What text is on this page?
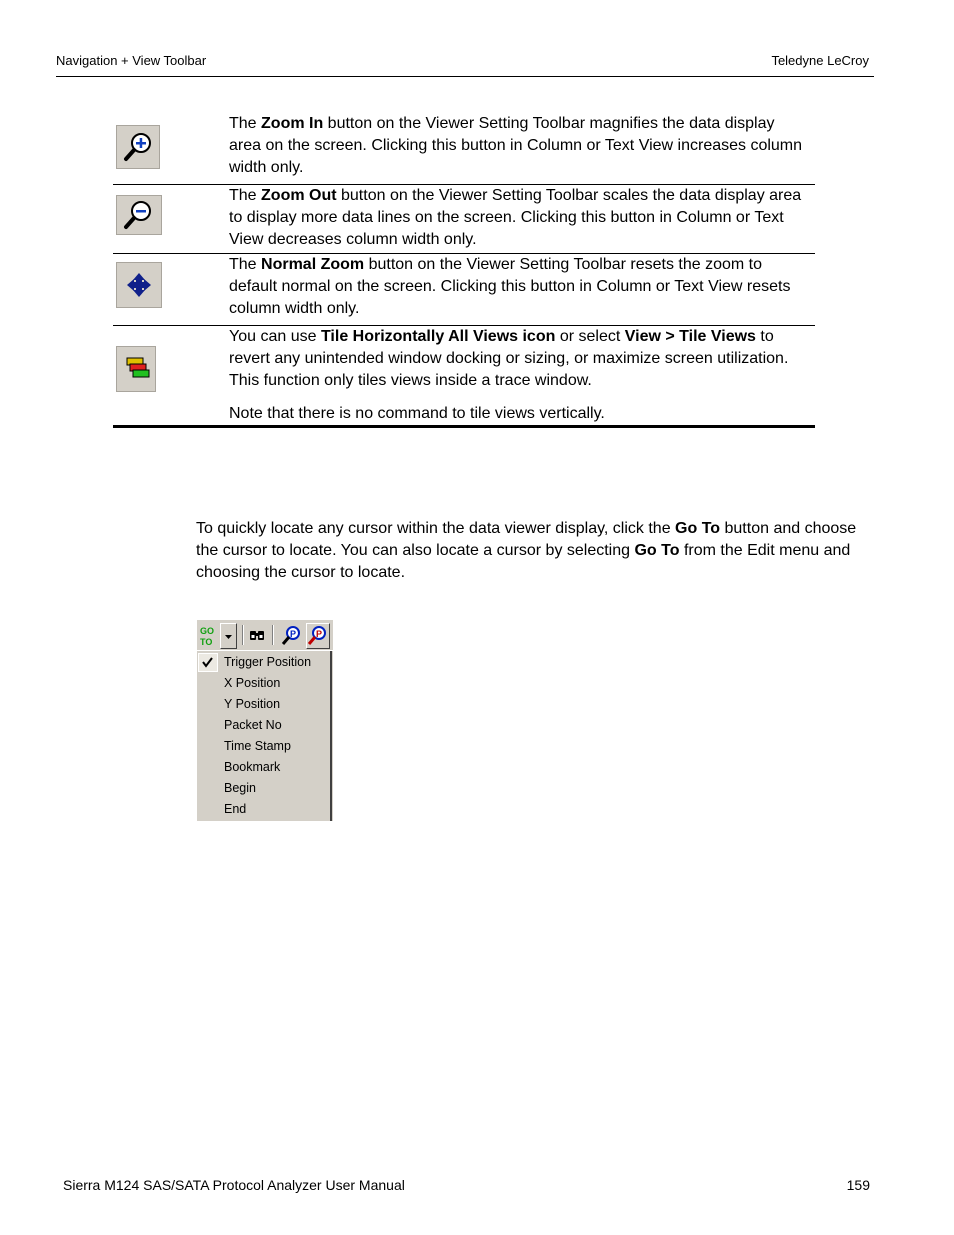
Navigation + View Toolbar	Teledyne LeCroy

The Zoom In button on the Viewer Setting Toolbar magnifies the data display area on the screen. Clicking this button in Column or Text View increases column width only.

The Zoom Out button on the Viewer Setting Toolbar scales the data display area to display more data lines on the screen. Clicking this button in Column or Text View decreases column width only.

The Normal Zoom button on the Viewer Setting Toolbar resets the zoom to default normal on the screen. Clicking this button in Column or Text View resets column width only.

You can use Tile Horizontally All Views icon or select View > Tile Views to revert any unintended window docking or sizing, or maximize screen utilization. This function only tiles views inside a trace window.

Note that there is no command to tile views vertically.

To quickly locate any cursor within the data viewer display, click the Go To button and choose the cursor to locate. You can also locate a cursor by selecting Go To from the Edit menu and choosing the cursor to locate.
GO
TO
P P
Trigger Position
X Position
Y Position
Packet No
Time Stamp
Bookmark
Begin
End
Sierra M124 SAS/SATA Protocol Analyzer User Manual	159
